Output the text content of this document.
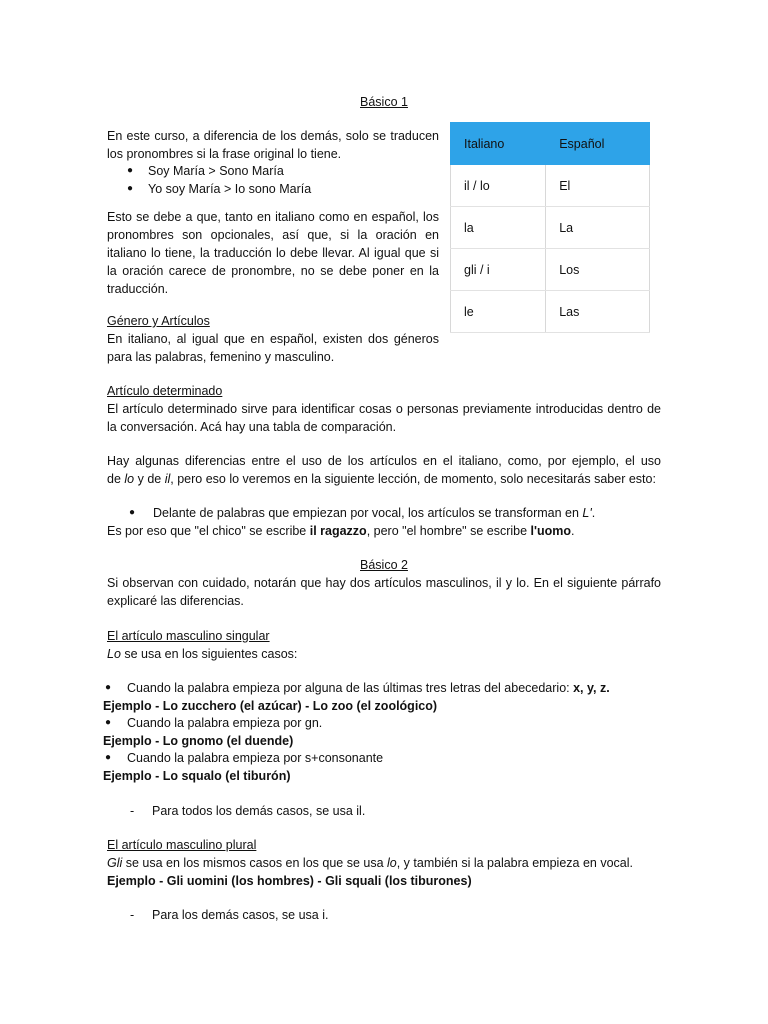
Básico 1
En este curso, a diferencia de los demás, solo se traducen
los pronombres si la frase original lo tiene.
● Soy María > Sono María
● Yo soy María > Io sono María
Esto se debe a que, tanto en italiano como en español, los
pronombres son opcionales, así que, si la oración en
italiano lo tiene, la traducción lo debe llevar. Al igual que si
la oración carece de pronombre, no se debe poner en la
traducción.
Género y Artículos
En italiano, al igual que en español, existen dos géneros
para las palabras, femenino y masculino.
Artículo determinado
El artículo determinado sirve para identificar cosas o personas previamente introducidas dentro de
la conversación. Acá hay una tabla de comparación.
Hay algunas diferencias entre el uso de los artículos en el italiano, como, por ejemplo, el uso
de lo y de il, pero eso lo veremos en la siguiente lección, de momento, solo necesitarás saber esto:
● Delante de palabras que empiezan por vocal, los artículos se transforman en L'.
Es por eso que "el chico" se escribe il ragazzo, pero "el hombre" se escribe l'uomo.
Italiano	Español
il / lo	El
la	La
gli / i	Los
le	Las
Básico 2
Si observan con cuidado, notarán que hay dos artículos masculinos, il y lo. En el siguiente párrafo
explicaré las diferencias.
El artículo masculino singular
Lo se usa en los siguientes casos:
● Cuando la palabra empieza por alguna de las últimas tres letras del abecedario: x, y, z.
Ejemplo - Lo zucchero (el azúcar) - Lo zoo (el zoológico)
● Cuando la palabra empieza por gn.
Ejemplo - Lo gnomo (el duende)
● Cuando la palabra empieza por s+consonante
Ejemplo - Lo squalo (el tiburón)
- Para todos los demás casos, se usa il.
El artículo masculino plural
Gli se usa en los mismos casos en los que se usa lo, y también si la palabra empieza en vocal.
Ejemplo - Gli uomini (los hombres) - Gli squali (los tiburones)
- Para los demás casos, se usa i.
